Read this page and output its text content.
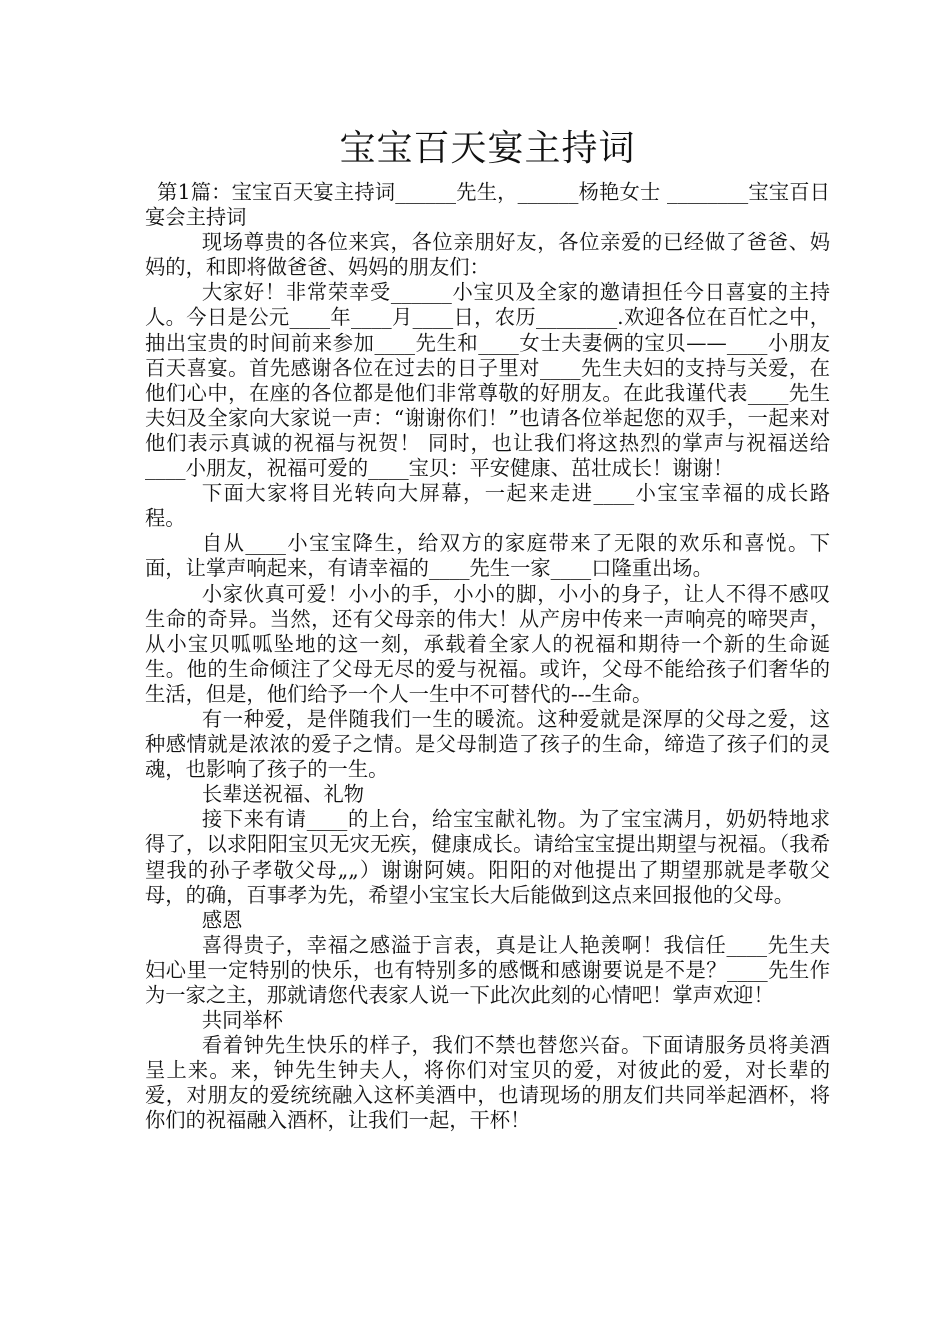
宝宝百天宴主持词

第1篇：宝宝百天宴主持词______先生，______杨艳女士 ________宝宝百日宴会主持词

现场尊贵的各位来宾，各位亲朋好友，各位亲爱的已经做了爸爸、妈妈的，和即将做爸爸、妈妈的朋友们：

大家好！非常荣幸受______小宝贝及全家的邀请担任今日喜宴的主持人。今日是公元____年____月____日，农历________.欢迎各位在百忙之中，抽出宝贵的时间前来参加____先生和____女士夫妻俩的宝贝——____小朋友百天喜宴。首先感谢各位在过去的日子里对____先生夫妇的支持与关爱，在他们心中，在座的各位都是他们非常尊敬的好朋友。在此我谨代表____先生夫妇及全家向大家说一声：“谢谢你们！”也请各位举起您的双手，一起来对他们表示真诚的祝福与祝贺！ 同时，也让我们将这热烈的掌声与祝福送给____小朋友，祝福可爱的____宝贝：平安健康、茁壮成长！谢谢！

下面大家将目光转向大屏幕，一起来走进____小宝宝幸福的成长路程。

自从____小宝宝降生，给双方的家庭带来了无限的欢乐和喜悦。下面，让掌声响起来，有请幸福的____先生一家____口隆重出场。

小家伙真可爱！小小的手，小小的脚，小小的身子，让人不得不感叹生命的奇异。当然，还有父母亲的伟大！从产房中传来一声响亮的啼哭声，从小宝贝呱呱坠地的这一刻，承载着全家人的祝福和期待一个新的生命诞生。他的生命倾注了父母无尽的爱与祝福。或许，父母不能给孩子们奢华的生活，但是，他们给予一个人一生中不可替代的---生命。

有一种爱，是伴随我们一生的暖流。这种爱就是深厚的父母之爱，这种感情就是浓浓的爱子之情。是父母制造了孩子的生命，缔造了孩子们的灵魂，也影响了孩子的一生。

长辈送祝福、礼物

接下来有请____的上台，给宝宝献礼物。为了宝宝满月，奶奶特地求得了，以求阳阳宝贝无灾无疾，健康成长。请给宝宝提出期望与祝福。（我希望我的孙子孝敬父母„„）谢谢阿姨。阳阳的对他提出了期望那就是孝敬父母，的确，百事孝为先，希望小宝宝长大后能做到这点来回报他的父母。

感恩

喜得贵子，幸福之感溢于言表，真是让人艳羡啊！我信任____先生夫妇心里一定特别的快乐，也有特别多的感慨和感谢要说是不是？____先生作为一家之主，那就请您代表家人说一下此次此刻的心情吧！掌声欢迎！

共同举杯

看着钟先生快乐的样子，我们不禁也替您兴奋。下面请服务员将美酒呈上来。来，钟先生钟夫人，将你们对宝贝的爱，对彼此的爱，对长辈的爱，对朋友的爱统统融入这杯美酒中，也请现场的朋友们共同举起酒杯，将你们的祝福融入酒杯，让我们一起，干杯！
